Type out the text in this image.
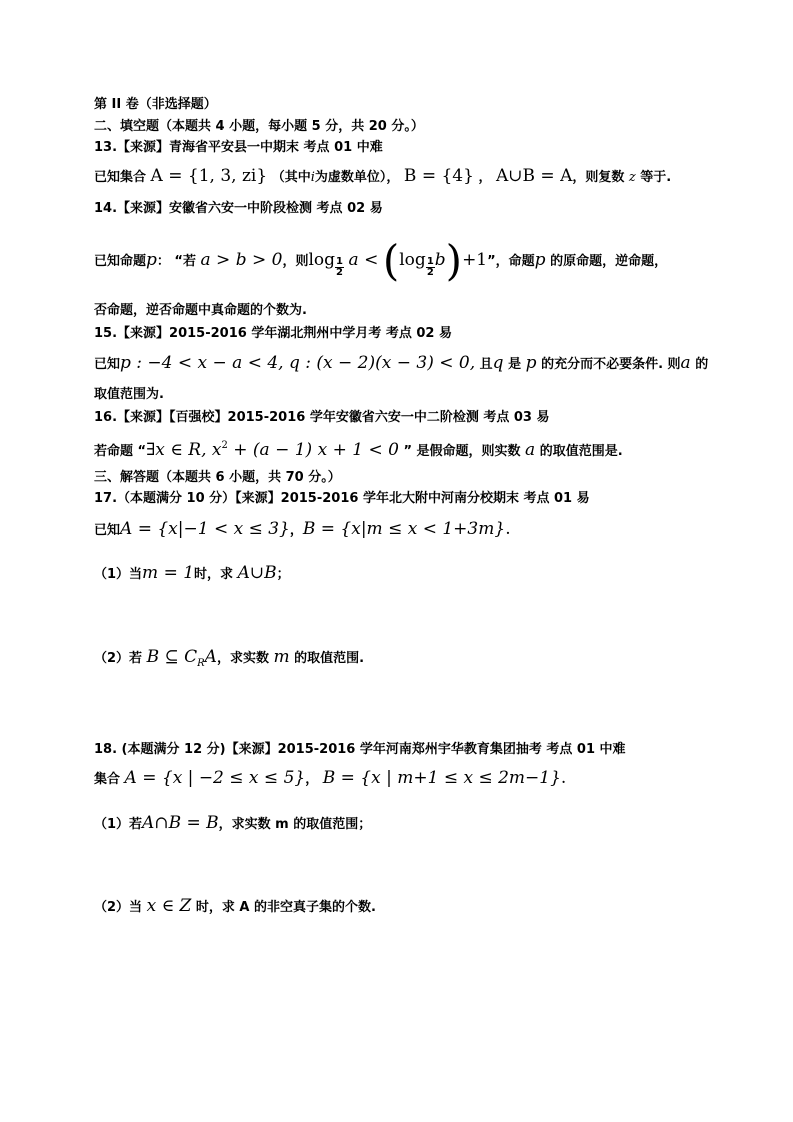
第 II 卷（非选择题）
二、填空题（本题共 4 小题，每小题 5 分，共 20 分。）
13.【来源】青海省平安县一中期末 考点 01 中难
已知集合 A = {1, 3, zi} （其中i为虚数单位）， B = {4} ， A∪B = A，则复数 z 等于.
14.【来源】安徽省六安一中阶段检测 考点 02 易
已知命题p： “若 a > b > 0，则$\log \frac{1}{2}$ $a < (\log \frac{1}{2} b)+1$”，命题p 的原命题，逆命题，
否命题，逆否命题中真命题的个数为.
15.【来源】2015-2016 学年湖北荆州中学月考 考点 02 易
已知p : −4 < x − a < 4, q : (x − 2)(x − 3) < 0, 且q 是 p 的充分而不必要条件. 则a 的
取值范围为.
16.【来源】【百强校】2015-2016 学年安徽省六安一中二阶检测 考点 03 易
若命题 “∃x ∈ R, $x^2 + (a - 1) x + 1 < 0$ ” 是假命题，则实数 a 的取值范围是.
三、解答题（本题共 6 小题，共 70 分。）
17.（本题满分 10 分）【来源】2015-2016 学年北大附中河南分校期末 考点 01 易
已知A = {x|−1 < x ≤ 3}，B = {x|m ≤ x < 1+3m}.
（1）当m = 1时，求 A∪B；
（2）若 B ⊆ $C_RA$，求实数 m 的取值范围.
18. (本题满分 12 分)【来源】2015-2016 学年河南郑州宇华教育集团抽考 考点 01 中难
集合 A = {x | −2 ≤ x ≤ 5}， B = {x | m+1 ≤ x ≤ 2m−1}.
（1）若A∩B = B，求实数 m 的取值范围；
（2）当 x ∈ Z 时，求 A 的非空真子集的个数.
